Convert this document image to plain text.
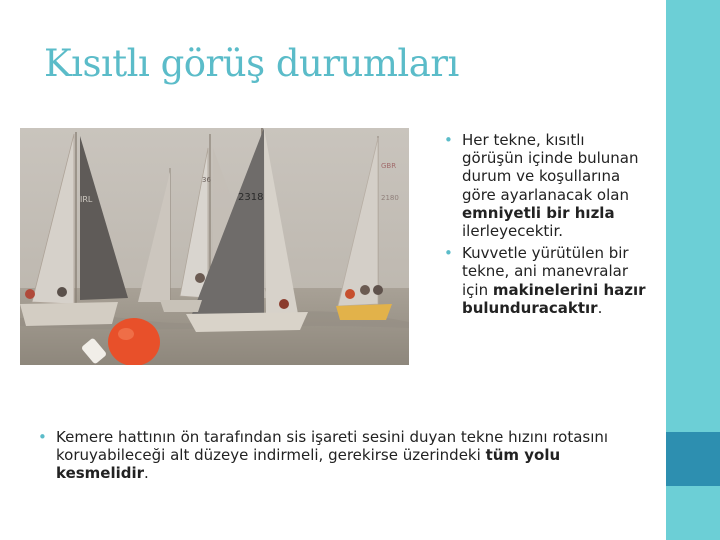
Kısıtlı görüş durumları
GBR
2180
36
2318
IRL
• Her tekne, kısıtlı görüşün içinde bulunan durum ve koşullarına göre ayarlanacak olan emniyetli bir hızla ilerleyecektir.
• Kuvvetle yürütülen bir tekne, ani manevralar için makinelerini hazır bulunduracaktır.
• Kemere hattının ön tarafından sis işareti sesini duyan tekne hızını rotasını koruyabileceği alt düzeye indirmeli, gerekirse üzerindeki tüm yolu kesmelidir.
